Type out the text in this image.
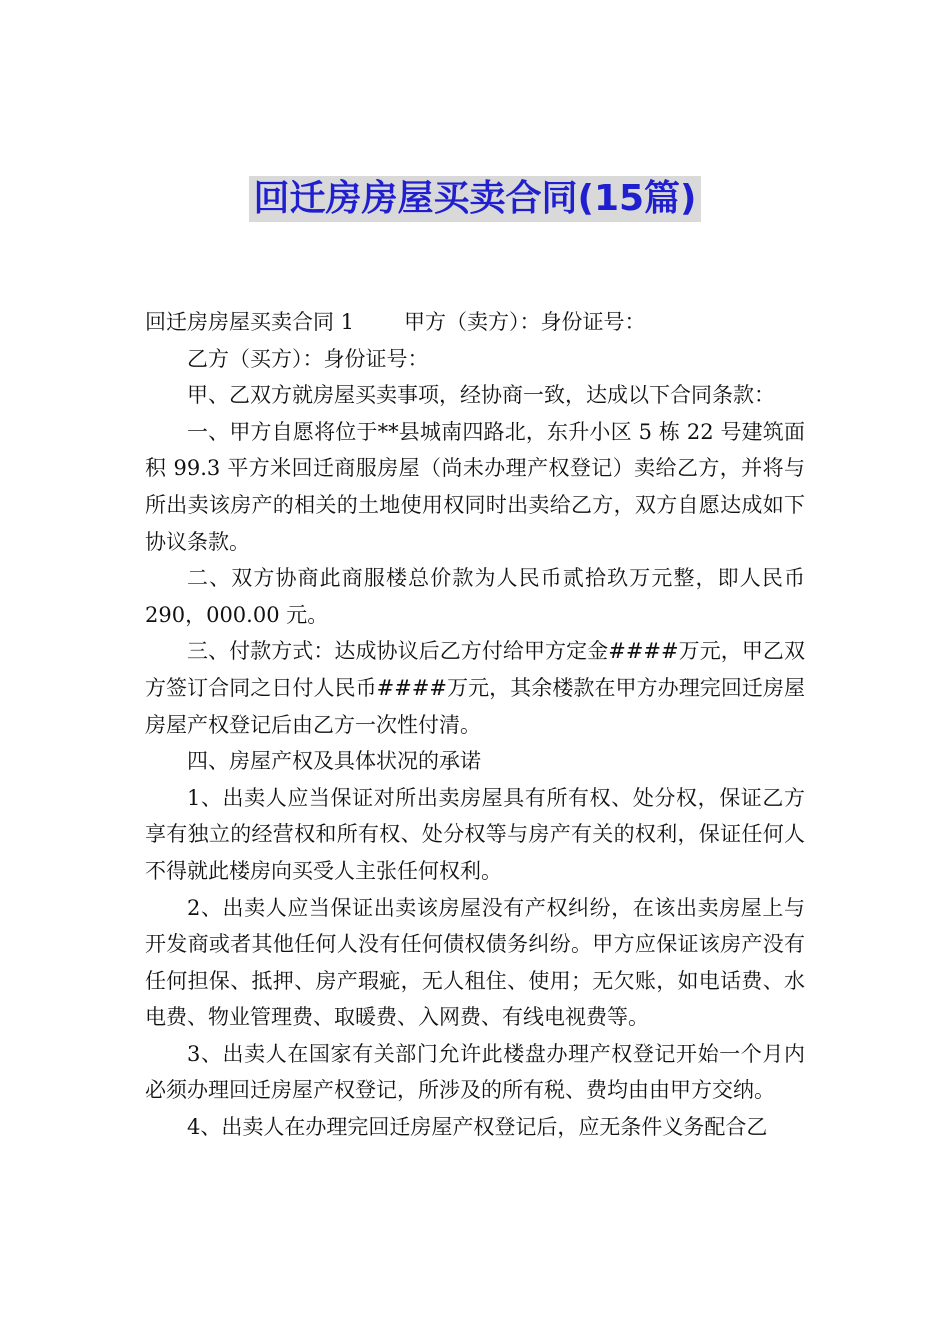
回迁房房屋买卖合同(15篇)

回迁房房屋买卖合同 1 甲方（卖方）：身份证号：

乙方（买方）：身份证号：

甲、乙双方就房屋买卖事项，经协商一致，达成以下合同条款：

一、甲方自愿将位于**县城南四路北，东升小区 5 栋 22 号建筑面积 99.3 平方米回迁商服房屋（尚未办理产权登记）卖给乙方，并将与所出卖该房产的相关的土地使用权同时出卖给乙方，双方自愿达成如下协议条款。

二、双方协商此商服楼总价款为人民币贰拾玖万元整，即人民币 290，000.00 元。

三、付款方式：达成协议后乙方付给甲方定金####万元，甲乙双方签订合同之日付人民币####万元，其余楼款在甲方办理完回迁房屋房屋产权登记后由乙方一次性付清。

四、房屋产权及具体状况的承诺

1、出卖人应当保证对所出卖房屋具有所有权、处分权，保证乙方享有独立的经营权和所有权、处分权等与房产有关的权利，保证任何人不得就此楼房向买受人主张任何权利。

2、出卖人应当保证出卖该房屋没有产权纠纷，在该出卖房屋上与开发商或者其他任何人没有任何债权债务纠纷。甲方应保证该房产没有任何担保、抵押、房产瑕疵，无人租住、使用；无欠账，如电话费、水电费、物业管理费、取暖费、入网费、有线电视费等。

3、出卖人在国家有关部门允许此楼盘办理产权登记开始一个月内必须办理回迁房屋产权登记，所涉及的所有税、费均由由甲方交纳。

4、出卖人在办理完回迁房屋产权登记后，应无条件义务配合乙
